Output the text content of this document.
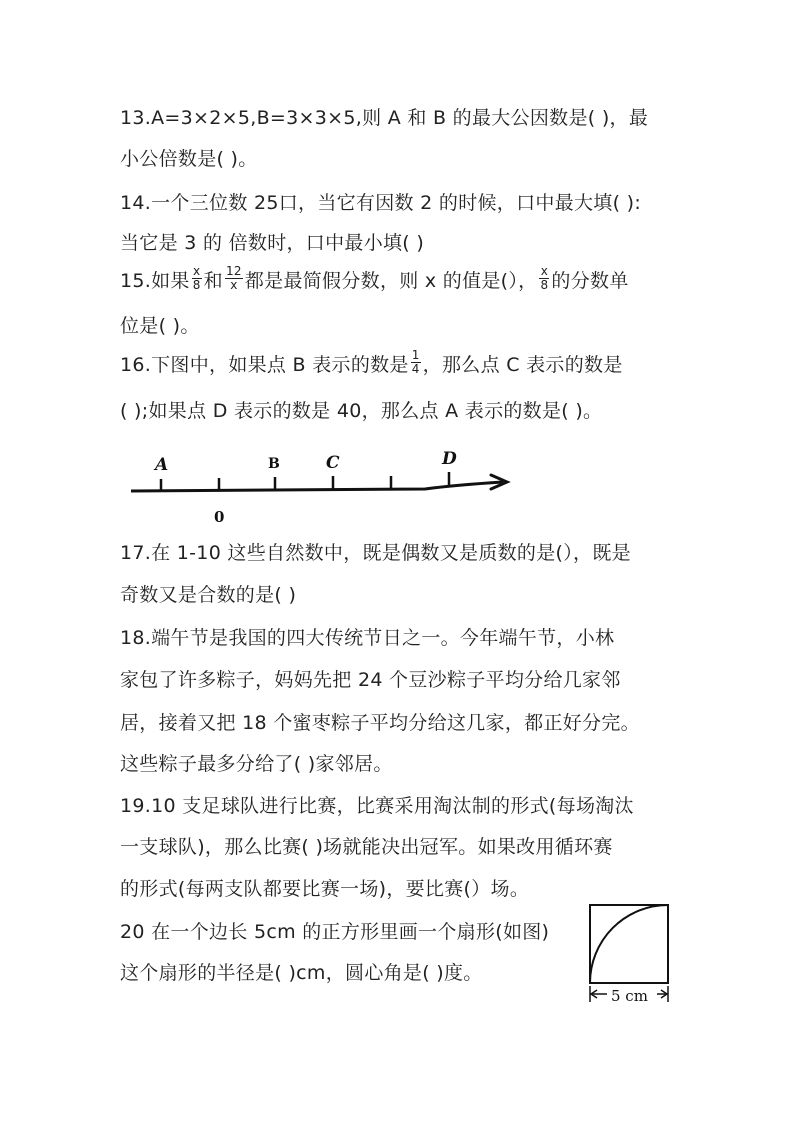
13.A=3×2×5,B=3×3×5,则 A 和 B 的最大公因数是( )，最
小公倍数是( )。
14.一个三位数 25口，当它有因数 2 的时候，口中最大填( ):
当它是 3 的 倍数时，口中最小填( )
15.如果 $\frac{x}{8}$ 和 $\frac{12}{x}$ 都是最简假分数，则 x 的值是(）， $\frac{x}{8}$ 的分数单
位是( )。
16.下图中，如果点 B 表示的数是 $\frac{1}{4}$ ，那么点 C 表示的数是
( );如果点 D 表示的数是 40，那么点 A 表示的数是( )。
A	B	C	D
0
17.在 1-10 这些自然数中，既是偶数又是质数的是(），既是
奇数又是合数的是( )
18.端午节是我国的四大传统节日之一。今年端午节，小林
家包了许多粽子，妈妈先把 24 个豆沙粽子平均分给几家邻
居，接着又把 18 个蜜枣粽子平均分给这几家，都正好分完。
这些粽子最多分给了( )家邻居。
19.10 支足球队进行比赛，比赛采用淘汰制的形式(每场淘汰
一支球队)，那么比赛( )场就能决出冠军。如果改用循环赛
的形式(每两支队都要比赛一场)，要比赛(）场。
20 在一个边长 5cm 的正方形里画一个扇形(如图)
这个扇形的半径是( )cm，圆心角是( )度。
5 cm
